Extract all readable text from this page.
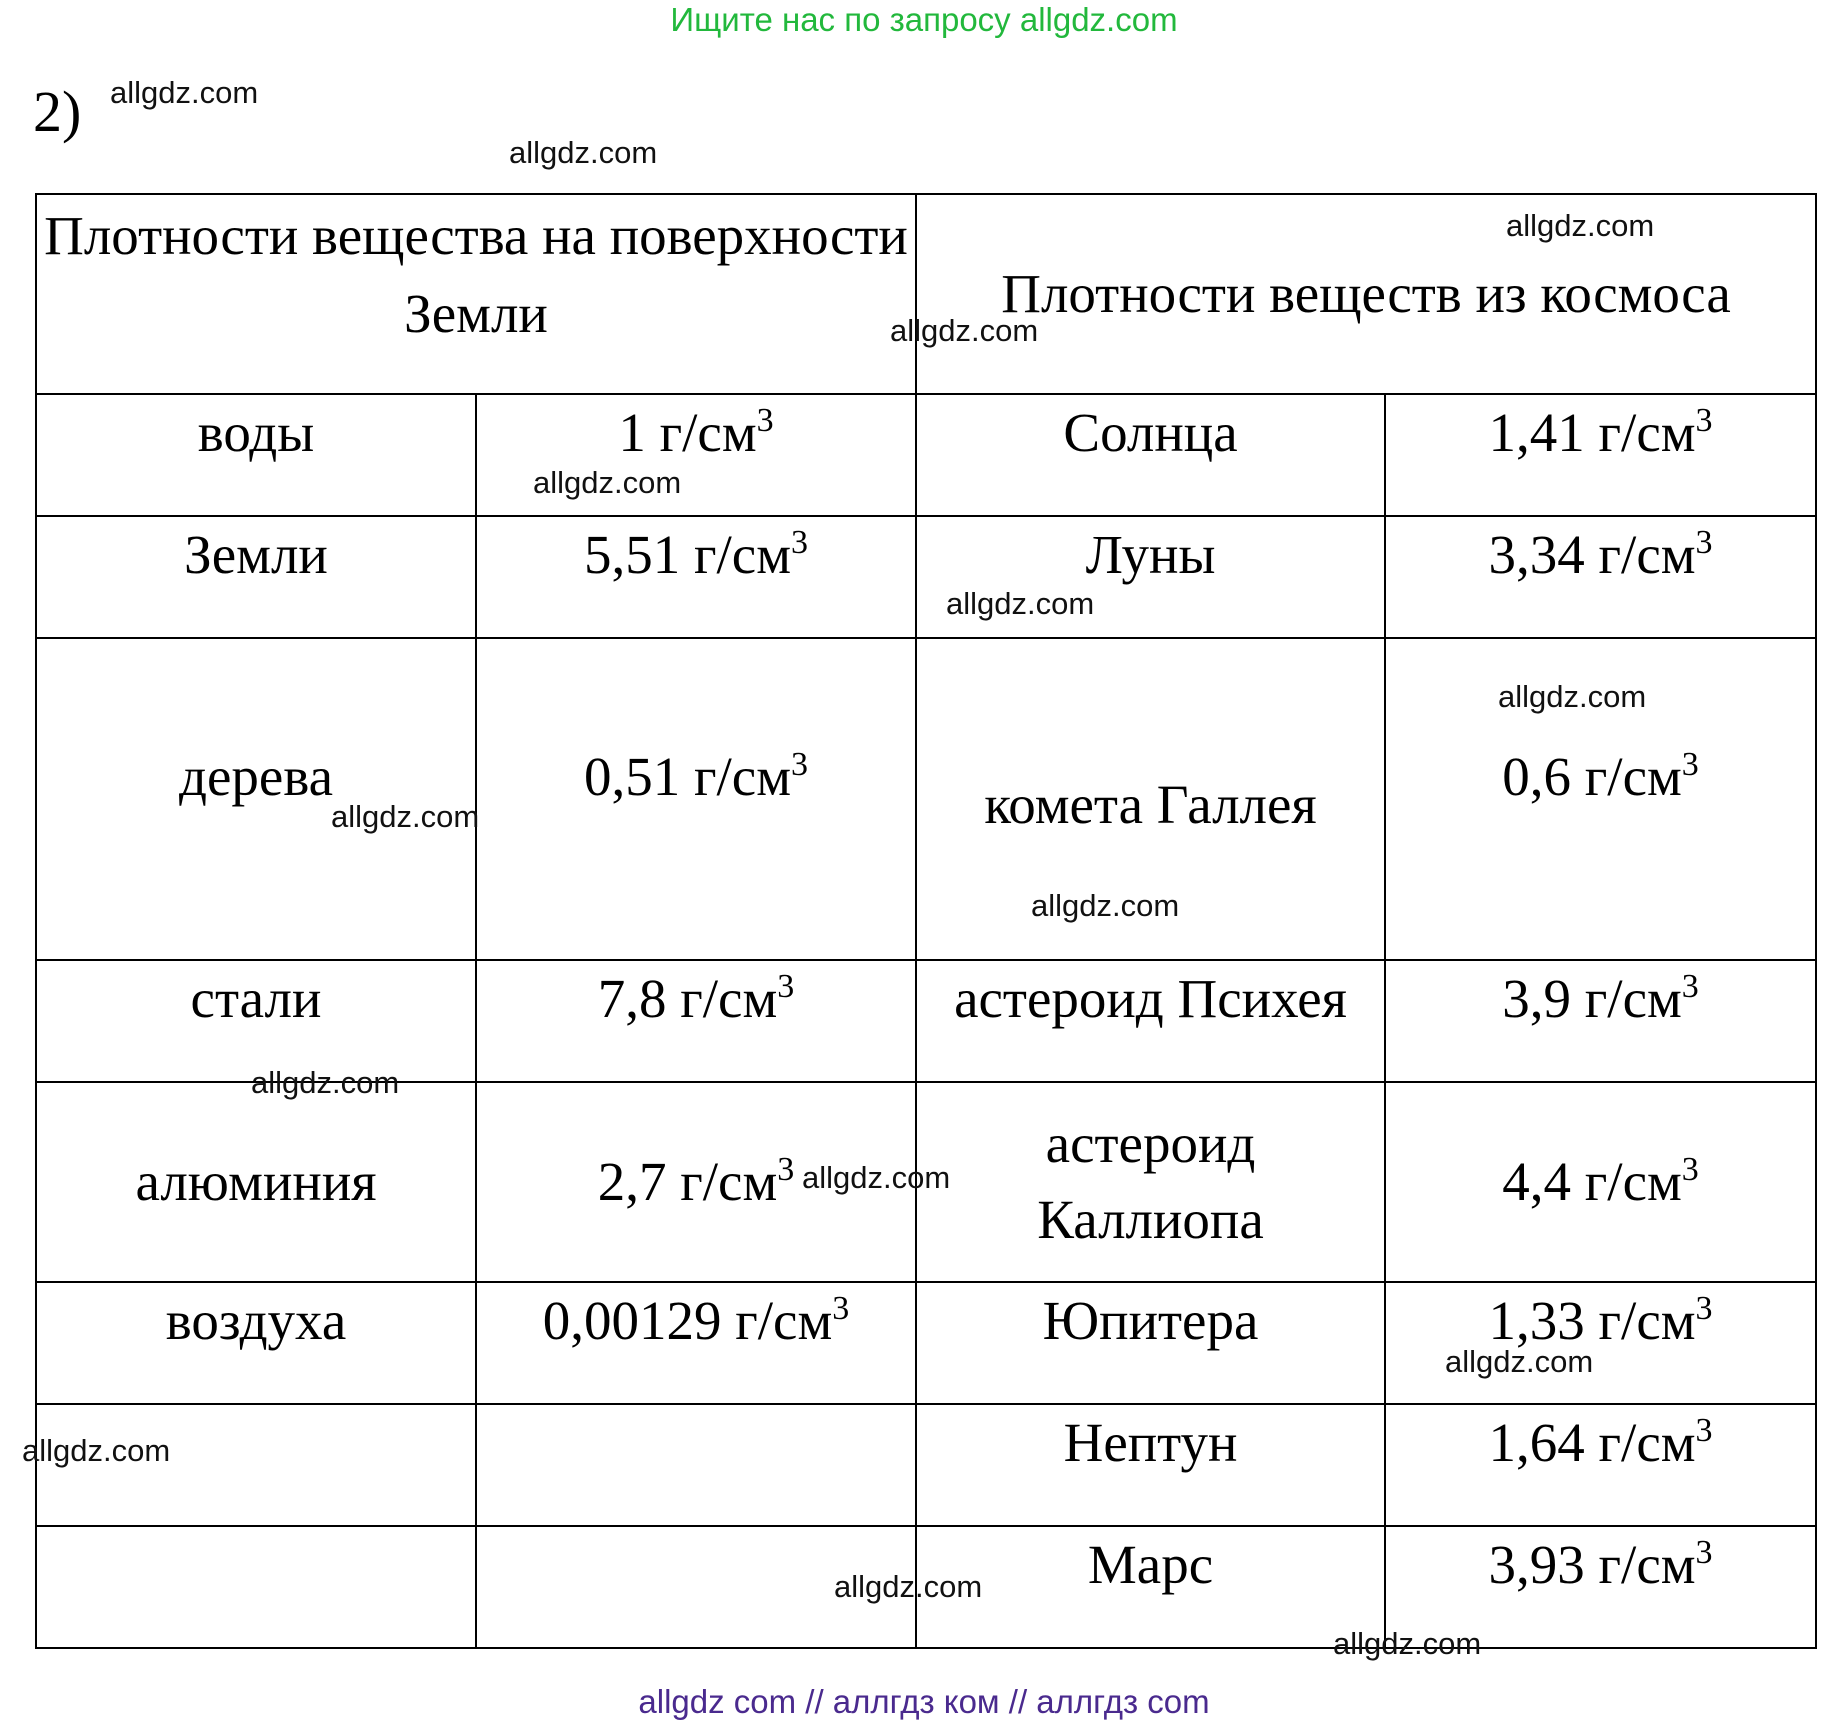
Ищите нас по запросу allgdz.com
2)
Плотности вещества на поверхности Земли		Плотности веществ из космоса	
воды	1 $г/см^3$	Солнца	1,41 $г/см^3$
Земли	5,51 $г/см^3$	Луны	3,34 $г/см^3$
дерева	0,51 $г/см^3$	комета Галлея	0,6 $г/см^3$
стали	7,8 $г/см^3$	астероид Психея	3,9 $г/см^3$
алюминия	2,7 $г/см^3$	астероид Каллиопа	4,4 $г/см^3$
воздуха	0,00129 $г/см^3$	Юпитера	1,33 $г/см^3$
		Нептун	1,64 $г/см^3$
		Марс	3,93 $г/см^3$
allgdz.com
allgdz.com
allgdz.com
allgdz.com
allgdz.com
allgdz.com
allgdz.com
allgdz.com
allgdz.com
allgdz.com
allgdz.com
allgdz.com
allgdz.com
allgdz.com
allgdz.com
allgdz com // аллгдз ком // аллгдз com
